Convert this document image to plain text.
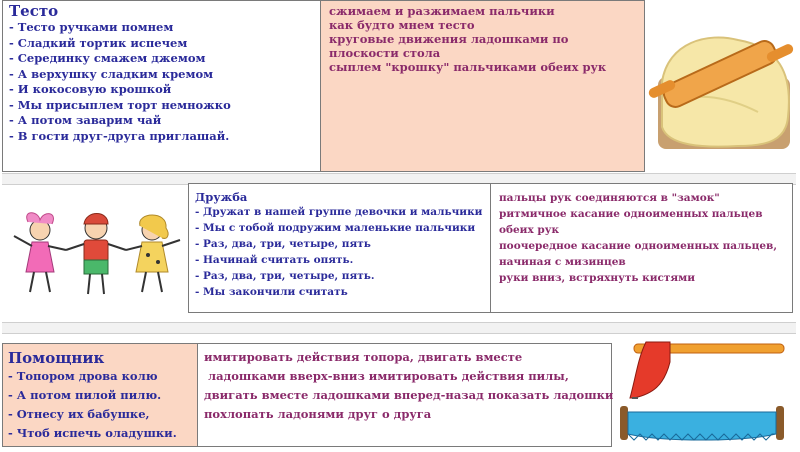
Тесто
- Тесто ручками помнем
- Сладкий тортик испечем
- Серединку смажем джемом
- А верхушку сладким кремом
- И кокосовую крошкой
- Мы присыплем торт немножко
- А потом заварим чай
- В гости друг-друга приглашай.
сжимаем и разжимаем пальчики
как будто мнем тесто
круговые движения ладошками по плоскости стола
сыплем "крошку" пальчиками обеих рук
Дружба
- Дружат в нашей группе девочки и мальчики
- Мы с тобой подружим маленькие пальчики
- Раз, два, три, четыре, пять
- Начинай считать опять.
- Раз, два, три, четыре, пять.
- Мы закончили считать
пальцы рук соединяются в "замок"
ритмичное касание одноименных пальцев обеих рук
поочередное касание одноименных пальцев,
начиная с мизинцев
руки вниз, встряхнуть кистями
Помощник
- Топором дрова колю
- А потом пилой пилю.
- Отнесу их бабушке,
- Чтоб испечь оладушки.
имитировать действия топора, двигать вместе
ладошками вверх-вниз имитировать действия пилы,
двигать вместе ладошками вперед-назад показать ладошки
похлопать ладонями друг о друга
